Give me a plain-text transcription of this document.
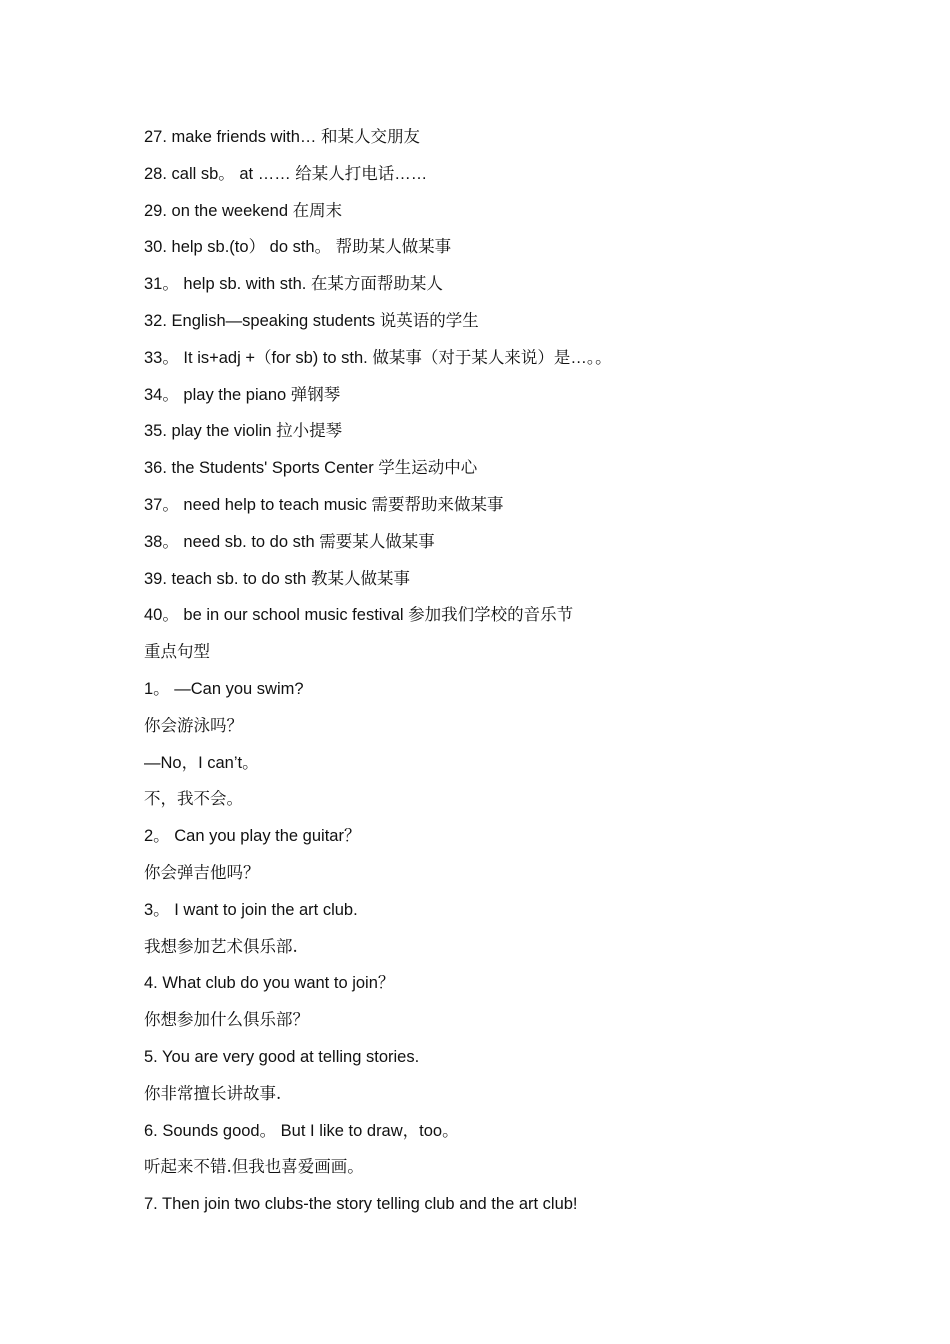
27. make friends with… 和某人交朋友
28. call sb。 at …… 给某人打电话……
29. on the weekend 在周末
30. help sb.(to） do sth。 帮助某人做某事
31。 help sb. with sth. 在某方面帮助某人
32. English—speaking students 说英语的学生
33。 It is+adj +（for sb) to sth. 做某事（对于某人来说）是…。。
34。 play the piano 弹钢琴
35. play the violin 拉小提琴
36. the Students' Sports Center 学生运动中心
37。 need help to teach music 需要帮助来做某事
38。 need sb. to do sth 需要某人做某事
39. teach sb. to do sth 教某人做某事
40。 be in our school music festival 参加我们学校的音乐节
重点句型
1。 —Can you swim?
你会游泳吗？
—No，I can’t。
不，我不会。
2。 Can you play the guitar？
你会弹吉他吗？
3。 I want to join the art club.
我想参加艺术俱乐部.
4. What club do you want to join？
你想参加什么俱乐部？
5. You are very good at telling stories.
你非常擅长讲故事.
6. Sounds good。 But I like to draw，too。
听起来不错.但我也喜爱画画。
7. Then join two clubs-the story telling club and the art club!
